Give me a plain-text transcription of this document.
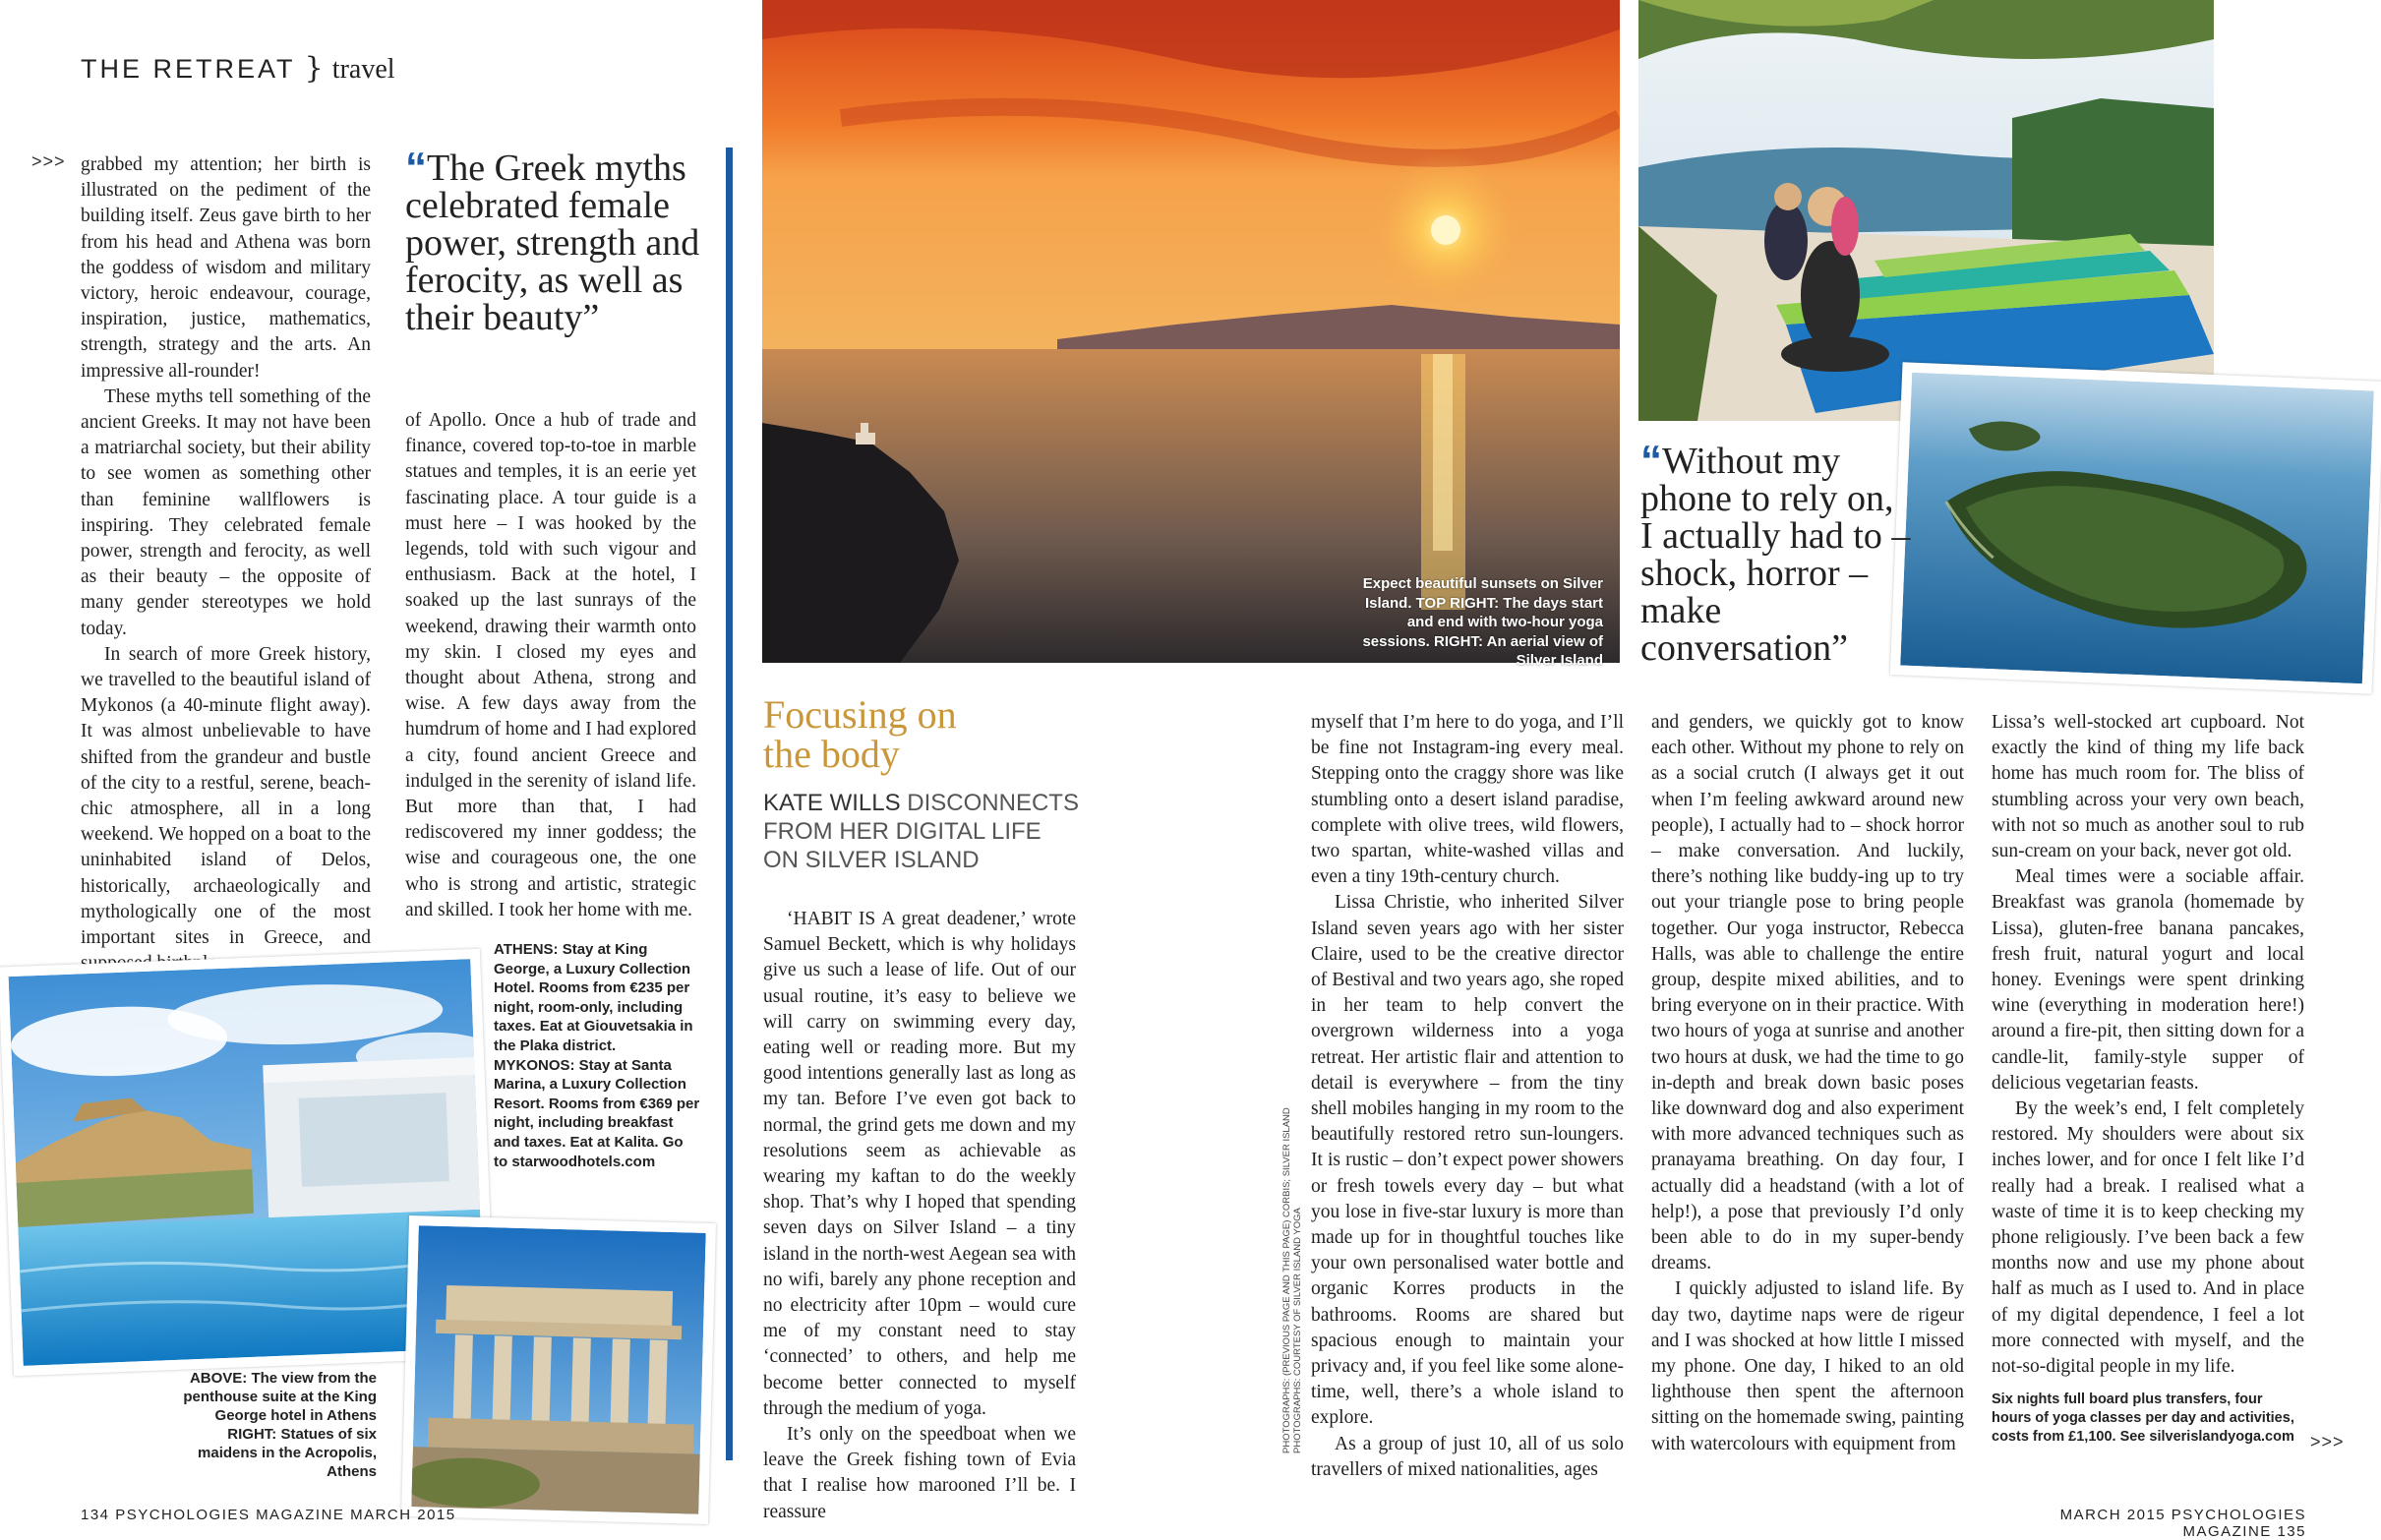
THE RETREAT } travel
>>> grabbed my attention; her birth is illustrated on the pediment of the building itself. Zeus gave birth to her from his head and Athena was born the goddess of wisdom and military victory, heroic endeavour, courage, inspiration, justice, mathematics, strength, strategy and the arts. An impressive all-rounder!

These myths tell something of the ancient Greeks. It may not have been a matriarchal society, but their ability to see women as something other than feminine wallflowers is inspiring. They celebrated female power, strength and ferocity, as well as their beauty – the opposite of many gender stereotypes we hold today.

In search of more Greek history, we travelled to the beautiful island of Mykonos (a 40-minute flight away). It was almost unbelievable to have shifted from the grandeur and bustle of the city to a restful, serene, beach-chic atmosphere, all in a long weekend. We hopped on a boat to the uninhabited island of Delos, historically, archaeologically and mythologically one of the most important sites in Greece, and

“The Greek myths celebrated female power, strength and ferocity, as well as their beauty”

of Apollo. Once a hub of trade and finance, covered top-to-toe in marble statues and temples, it is an eerie yet fascinating place. A tour guide is a must here – I was hooked by the legends, told with such vigour and enthusiasm. Back at the hotel, I soaked up the last sunrays of the weekend, drawing their warmth onto my skin. I closed my eyes and thought about Athena, strong and wise. A few days away from the humdrum of home and I had explored a city, found ancient Greece and indulged in the serenity of island life. But more than that, I had rediscovered my inner goddess; the wise and courageous one, the one who is strong and artistic, strategic and skilled. I took her home with me.

ATHENS: Stay at King George, a Luxury Collection Hotel. Rooms from €235 per night, room-only, including taxes. Eat at Giouvetsakia in the Plaka district. MYKONOS: Stay at Santa Marina, a Luxury Collection Resort. Rooms from €369 per night, including breakfast and taxes. Eat at Kalita. Go to starwoodhotels.com
ABOVE: The view from the penthouse suite at the King George hotel in Athens RIGHT: Statues of six maidens in the Acropolis, Athens
134 PSYCHOLOGIES MAGAZINE MARCH 2015
Expect beautiful sunsets on Silver Island. TOP RIGHT: The days start and end with two-hour yoga sessions. RIGHT: An aerial view of Silver Island
“Without my phone to rely on, I actually had to – shock, horror – make conversation”
Focusing on the body
KATE WILLS DISCONNECTS FROM HER DIGITAL LIFE ON SILVER ISLAND

‘HABIT IS A great deadener,’ wrote Samuel Beckett, which is why holidays give us such a lease of life. Out of our usual routine, it’s easy to believe we will carry on swimming every day, eating well or reading more. But my good intentions generally last as long as my tan. Before I’ve even got back to normal, the grind gets me down and my resolutions seem as achievable as wearing my kaftan to do the weekly shop. That’s why I hoped that spending seven days on Silver Island – a tiny island in the north-west Aegean sea with no wifi, barely any phone reception and no electricity after 10pm – would cure me of my constant need to stay ‘connected’ to others, and help me become better connected to myself through the medium of yoga.

It’s only on the speedboat when we leave the Greek fishing town of Evia that I realise how marooned I’ll be. I reassure

myself that I’m here to do yoga, and I’ll be fine not Instagram-ing every meal. Stepping onto the craggy shore was like stumbling onto a desert island paradise, complete with olive trees, wild flowers, two spartan, white-washed villas and even a tiny 19th-century church.

Lissa Christie, who inherited Silver Island seven years ago with her sister Claire, used to be the creative director of Bestival and two years ago, she roped in her team to help convert the overgrown wilderness into a yoga retreat. Her artistic flair and attention to detail is everywhere – from the tiny shell mobiles hanging in my room to the beautifully restored retro sun-loungers. It is rustic – don’t expect power showers or fresh towels every day – but what you lose in five-star luxury is more than made up for in thoughtful touches like your own personalised water bottle and organic Korres products in the bathrooms. Rooms are shared but spacious enough to maintain your privacy and, if you feel like some alone-time, well, there’s a whole island to explore.

As a group of just 10, all of us solo travellers of mixed nationalities, ages

and genders, we quickly got to know each other. Without my phone to rely on as a social crutch (I always get it out when I’m feeling awkward around new people), I actually had to – shock horror – make conversation. And luckily, there’s nothing like buddy-ing up to try out your triangle pose to bring people together. Our yoga instructor, Rebecca Halls, was able to challenge the entire group, despite mixed abilities, and to bring everyone on in their practice. With two hours of yoga at sunrise and another two hours at dusk, we had the time to go in-depth and break down basic poses like downward dog and also experiment with more advanced techniques such as pranayama breathing. On day four, I actually did a headstand (with a lot of help!), a pose that previously I’d only been able to do in my super-bendy dreams.

I quickly adjusted to island life. By day two, daytime naps were de rigeur and I was shocked at how little I missed my phone. One day, I hiked to an old lighthouse then spent the afternoon sitting on the homemade swing, painting with watercolours with equipment from

Lissa’s well-stocked art cupboard. Not exactly the kind of thing my life back home has much room for. The bliss of stumbling across your very own beach, with not so much as another soul to rub sun-cream on your back, never got old.

Meal times were a sociable affair. Breakfast was granola (homemade by Lissa), gluten-free banana pancakes, fresh fruit, natural yogurt and local honey. Evenings were spent drinking wine (everything in moderation here!) around a fire-pit, then sitting down for a candle-lit, family-style supper of delicious vegetarian feasts.

By the week’s end, I felt completely restored. My shoulders were about six inches lower, and for once I felt like I’d really had a break. I realised what a waste of time it is to keep checking my phone religiously. I’ve been back a few months now and use my phone about half as much as I used to. And in place of my digital dependence, I feel a lot more connected with myself, and the not-so-digital people in my life.

PHOTOGRAPHS: (PREVIOUS PAGE AND THIS PAGE) CORBIS; SILVER ISLAND PHOTOGRAPHS: COURTESY OF SILVER ISLAND YOGA	Six nights full board plus transfers, four hours of yoga classes per day and activities, costs from £1,100. See silverislandyoga.com >>>
MARCH 2015 PSYCHOLOGIES MAGAZINE 135
